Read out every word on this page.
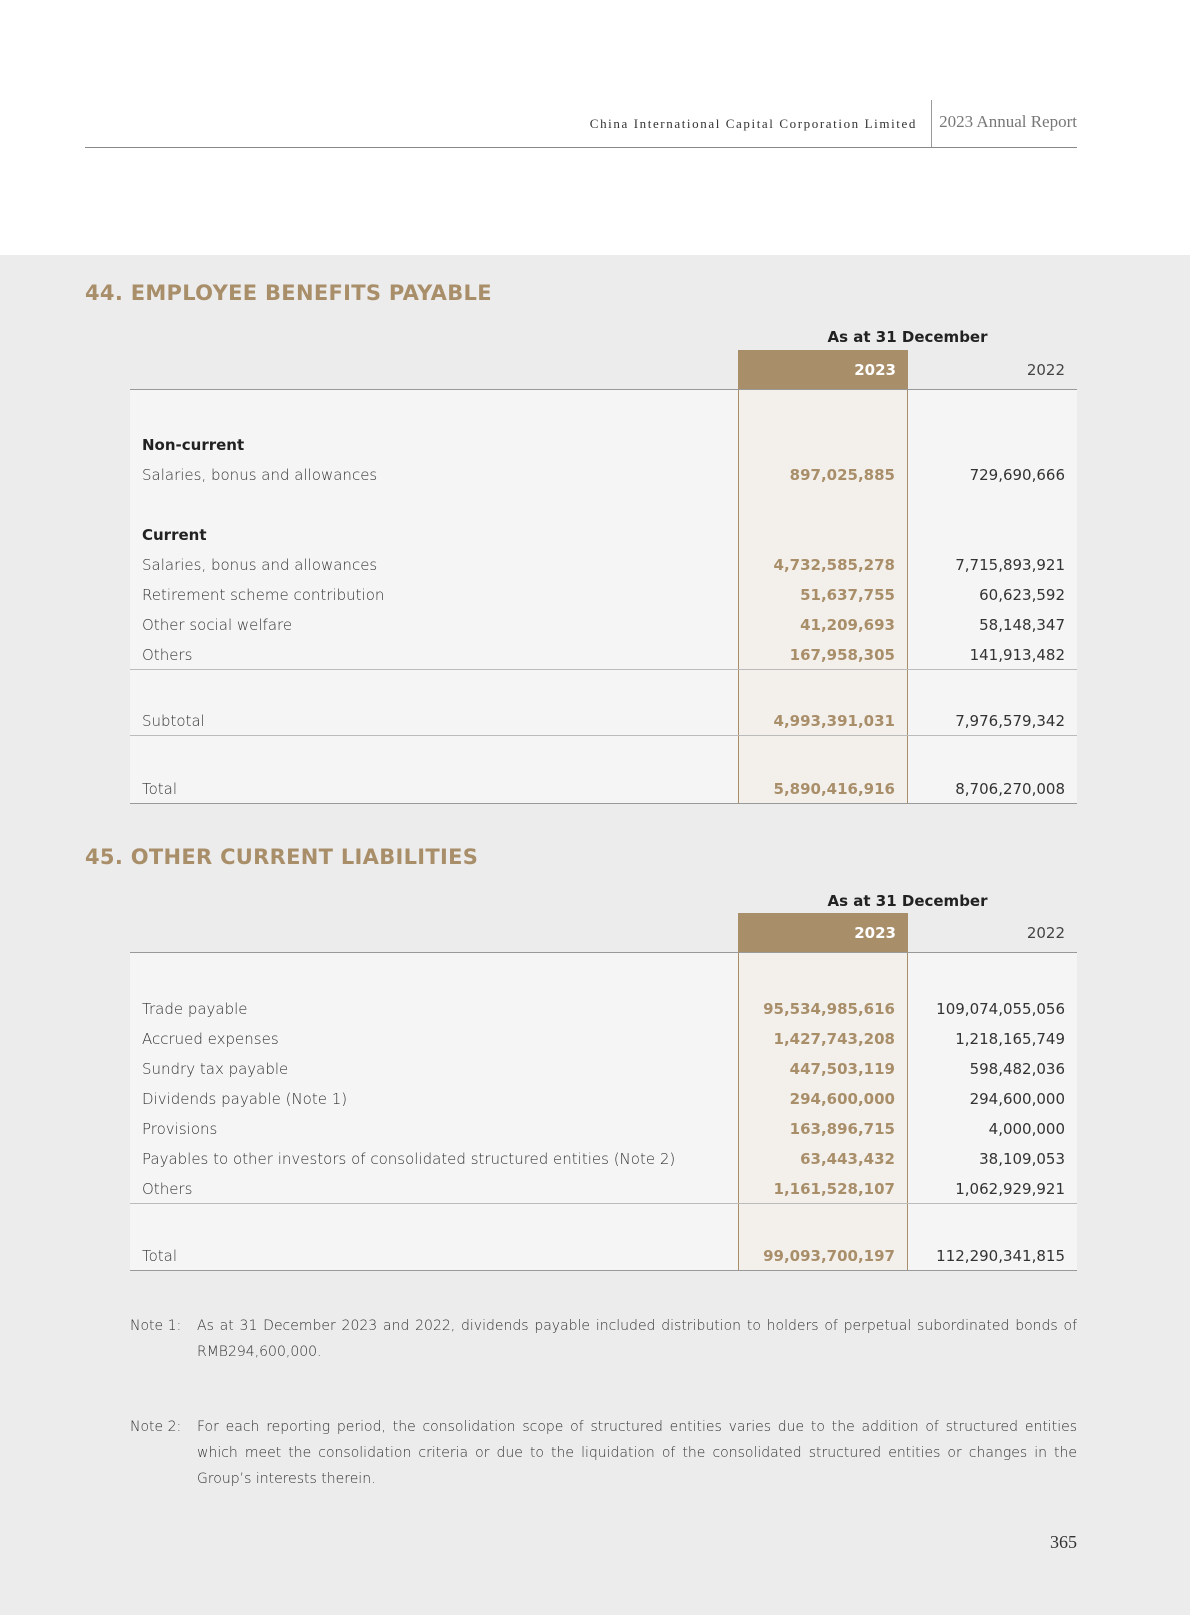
China International Capital Corporation Limited 2023 Annual Report
44. EMPLOYEE BENEFITS PAYABLE
As at 31 December
2023	2022
Non-current
Salaries, bonus and allowances	897,025,885	729,690,666
Current
Salaries, bonus and allowances	4,732,585,278	7,715,893,921
Retirement scheme contribution	51,637,755	60,623,592
Other social welfare	41,209,693	58,148,347
Others	167,958,305	141,913,482
Subtotal	4,993,391,031	7,976,579,342
Total	5,890,416,916	8,706,270,008
45. OTHER CURRENT LIABILITIES
As at 31 December
2023	2022
Trade payable	95,534,985,616	109,074,055,056
Accrued expenses	1,427,743,208	1,218,165,749
Sundry tax payable	447,503,119	598,482,036
Dividends payable (Note 1)	294,600,000	294,600,000
Provisions	163,896,715	4,000,000
Payables to other investors of consolidated structured entities (Note 2)	63,443,432	38,109,053
Others	1,161,528,107	1,062,929,921
Total	99,093,700,197	112,290,341,815
Note 1:	As at 31 December 2023 and 2022, dividends payable included distribution to holders of perpetual subordinated bonds of RMB294,600,000.
Note 2:	For each reporting period, the consolidation scope of structured entities varies due to the addition of structured entities which meet the consolidation criteria or due to the liquidation of the consolidated structured entities or changes in the Group’s interests therein.
365
